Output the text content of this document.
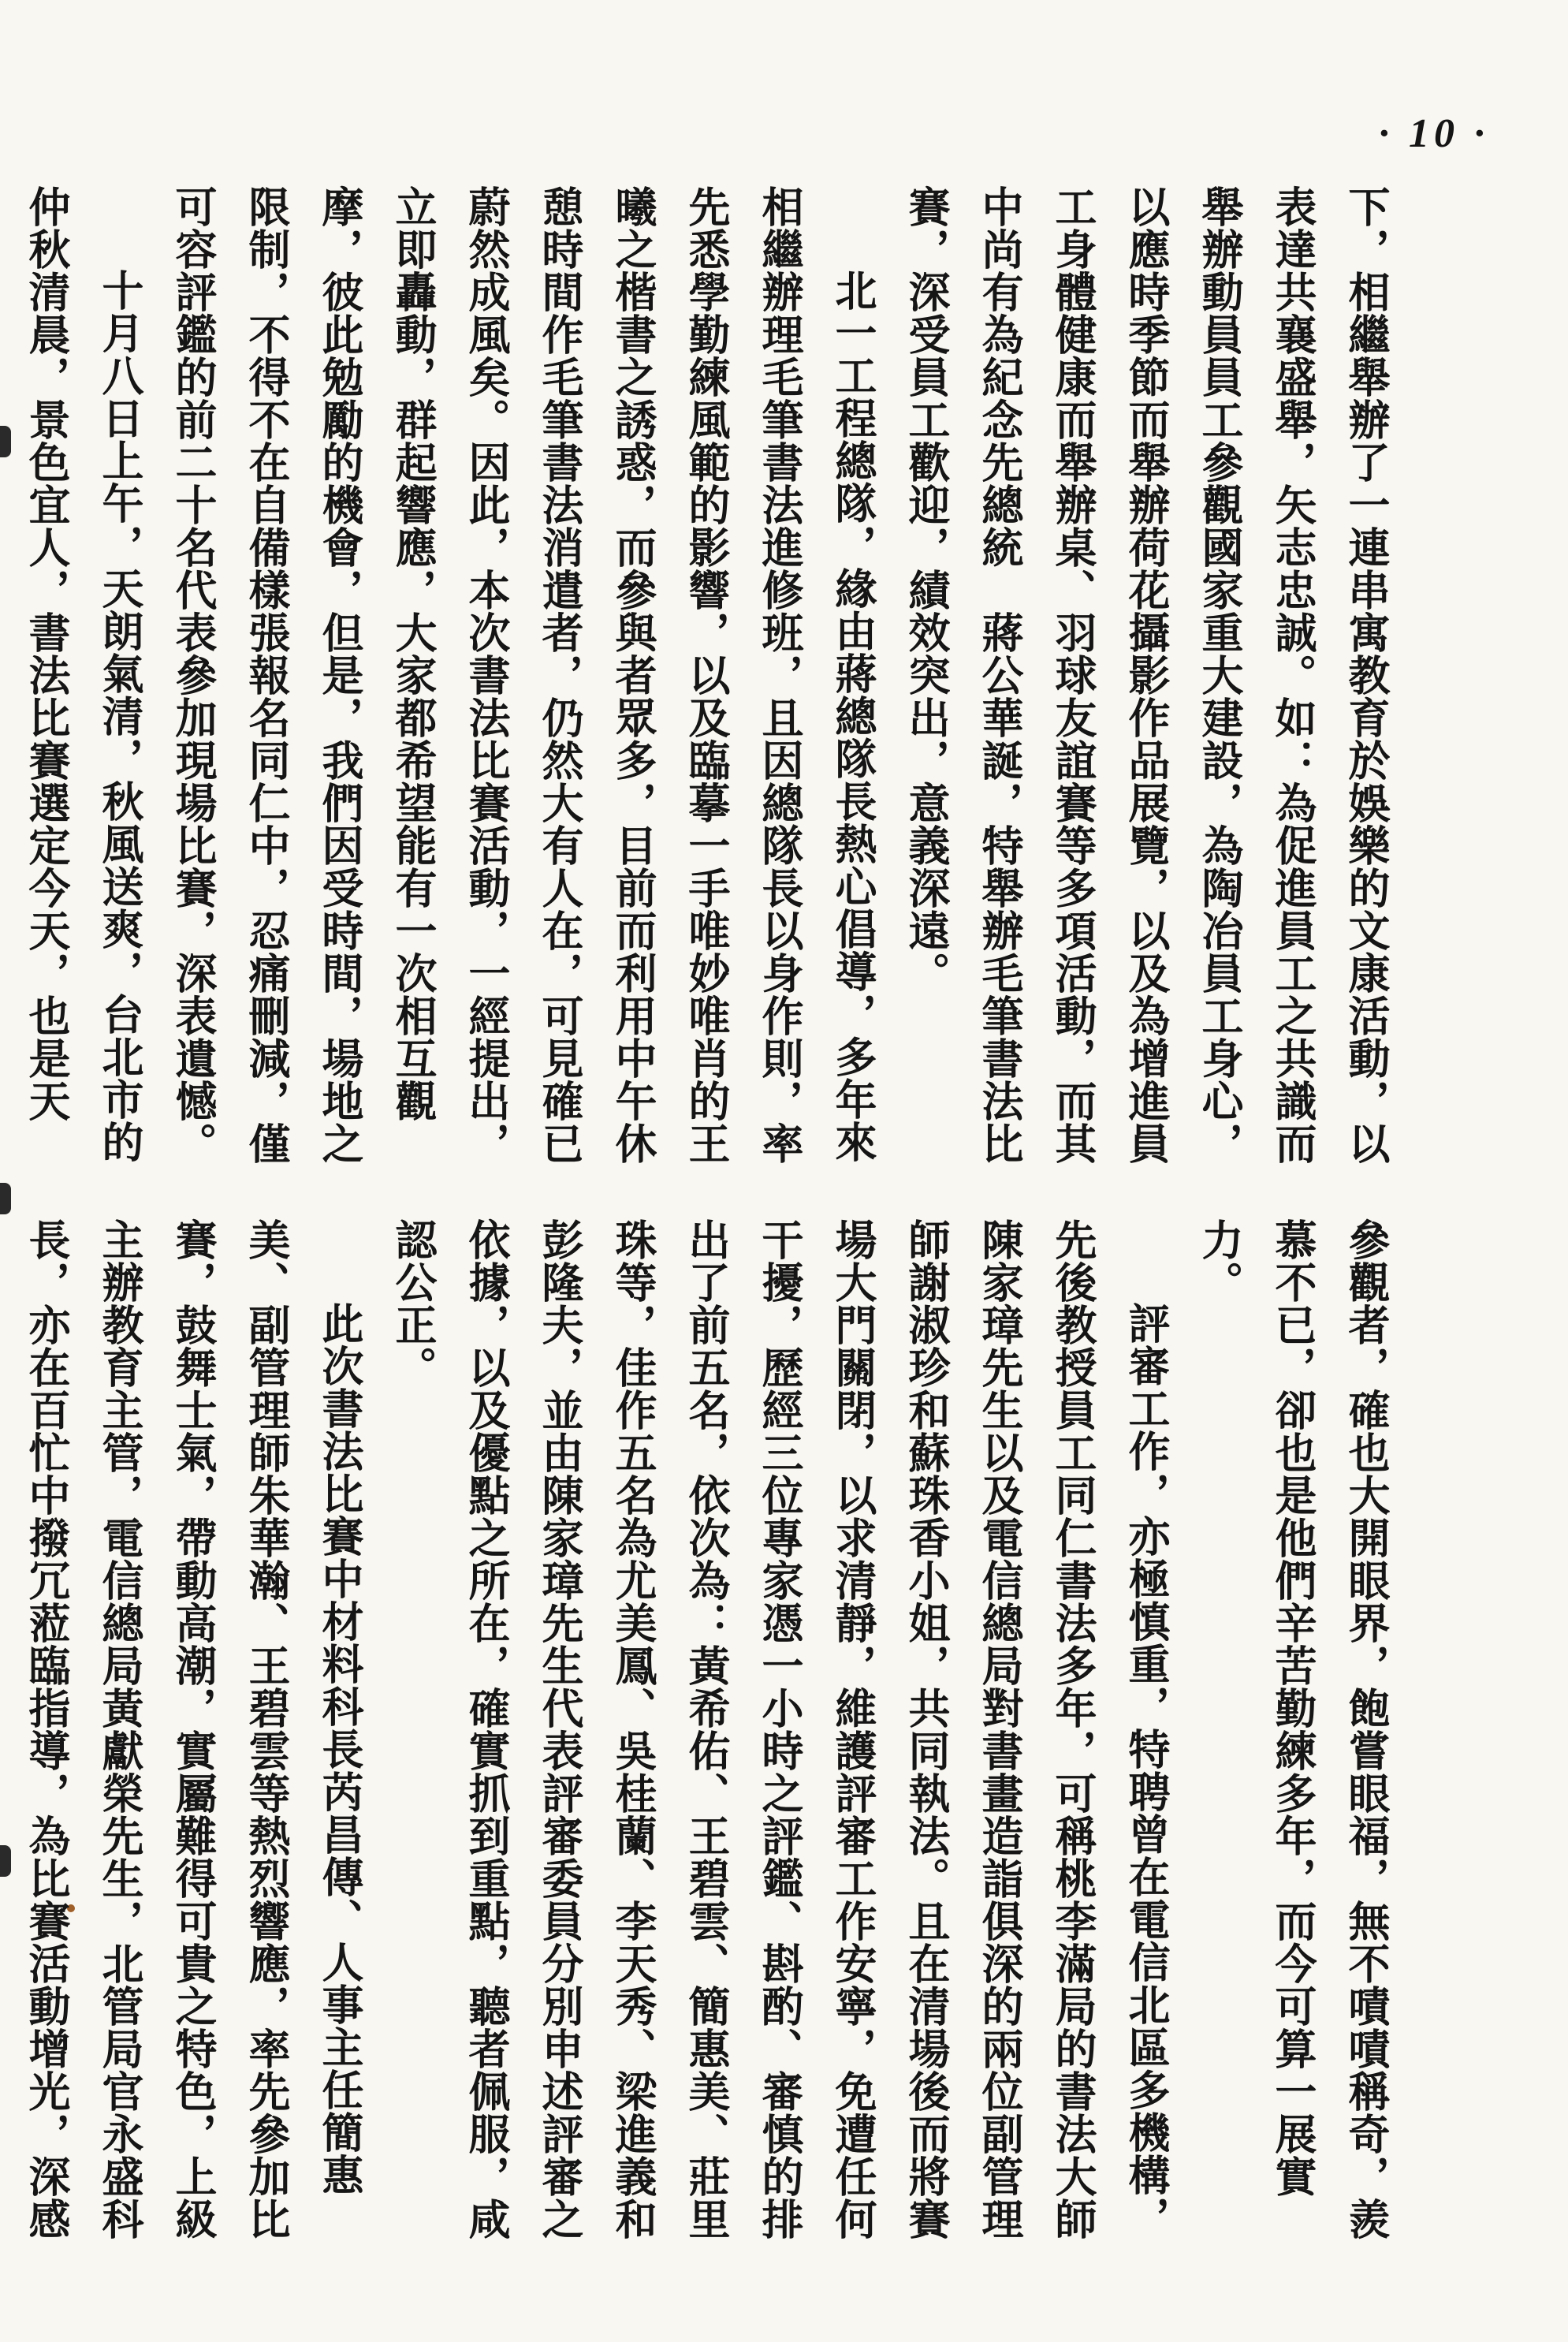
· 10 ·

下，相繼舉辦了一連串寓教育於娛樂的文康活動，以表達共襄盛舉，矢志忠誠。如：為促進員工之共識而舉辦動員員工參觀國家重大建設，為陶冶員工身心，以應時季節而舉辦荷花攝影作品展覽，以及為增進員工身體健康而舉辦桌、羽球友誼賽等多項活動，而其中尚有為紀念先總統　蔣公華誕，特舉辦毛筆書法比賽，深受員工歡迎，績效突出，意義深遠。

北一工程總隊，緣由蔣總隊長熱心倡導，多年來相繼辦理毛筆書法進修班，且因總隊長以身作則，率先悉學勤練風範的影響，以及臨摹一手唯妙唯肖的王曦之楷書之誘惑，而參與者眾多，目前而利用中午休憩時間作毛筆書法消遣者，仍然大有人在，可見確已蔚然成風矣。因此，本次書法比賽活動，一經提出，立即轟動，群起響應，大家都希望能有一次相互觀摩，彼此勉勵的機會，但是，我們因受時間，場地之限制，不得不在自備樣張報名同仁中，忍痛刪減，僅可容評鑑的前二十名代表參加現場比賽，深表遺憾。

十月八日上午，天朗氣清，秋風送爽，台北市的仲秋清晨，景色宜人，書法比賽選定今天，也是天

參觀者，確也大開眼界，飽嘗眼福，無不嘖嘖稱奇，羨慕不已，卻也是他們辛苦勤練多年，而今可算一展實力。

評審工作，亦極慎重，特聘曾在電信北區多機構，先後教授員工同仁書法多年，可稱桃李滿局的書法大師陳家璋先生以及電信總局對書畫造詣俱深的兩位副管理師謝淑珍和蘇珠香小姐，共同執法。且在清場後而將賽場大門關閉，以求清靜，維護評審工作安寧，免遭任何干擾，歷經三位專家憑一小時之評鑑、斟酌、審慎的排出了前五名，依次為：黃希佑、王碧雲、簡惠美、莊里珠等，佳作五名為尤美鳳、吳桂蘭、李天秀、梁進義和彭隆夫，並由陳家璋先生代表評審委員分別申述評審之依據，以及優點之所在，確實抓到重點，聽者佩服，咸認公正。

此次書法比賽中材料科長芮昌傳、人事主任簡惠美、副管理師朱華瀚、王碧雲等熱烈響應，率先參加比賽，鼓舞士氣，帶動高潮，實屬難得可貴之特色，上級主辦教育主管，電信總局黃獻榮先生，北管局官永盛科長，亦在百忙中撥冗蒞臨指導，為比賽活動增光，深感
